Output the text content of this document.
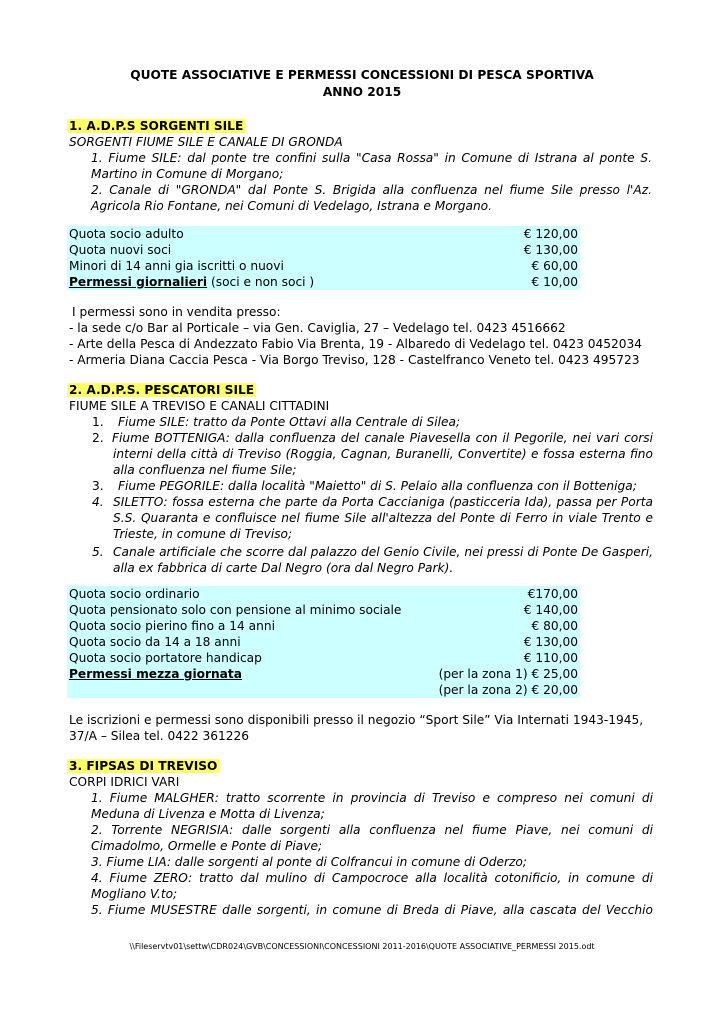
QUOTE ASSOCIATIVE E PERMESSI CONCESSIONI DI PESCA SPORTIVA
ANNO 2015
1. A.D.P.S SORGENTI SILE
SORGENTI FIUME SILE E CANALE DI GRONDA
1. Fiume SILE: dal ponte tre confini sulla "Casa Rossa" in Comune di Istrana al ponte S.
Martino in Comune di Morgano;
2. Canale di "GRONDA" dal Ponte S. Brigida alla confluenza nel fiume Sile presso l'Az.
Agricola Rio Fontane, nei Comuni di Vedelago, Istrana e Morgano.
Quota socio adulto	€ 120,00
Quota nuovi soci	€ 130,00
Minori di 14 anni gia iscritti o nuovi	€ 60,00
Permessi giornalieri (soci e non soci )	€ 10,00
I permessi sono in vendita presso:
- la sede c/o Bar al Porticale – via Gen. Caviglia, 27 – Vedelago tel. 0423 4516662
- Arte della Pesca di Andezzato Fabio Via Brenta, 19 - Albaredo di Vedelago tel. 0423 0452034
- Armeria Diana Caccia Pesca - Via Borgo Treviso, 128 - Castelfranco Veneto tel. 0423 495723
2. A.D.P.S. PESCATORI SILE
FIUME SILE A TREVISO E CANALI CITTADINI
1. Fiume SILE: tratto da Ponte Ottavi alla Centrale di Silea;
2. Fiume BOTTENIGA: dalla confluenza del canale Piavesella con il Pegorile, nei vari corsi
interni della città di Treviso (Roggia, Cagnan, Buranelli, Convertite) e fossa esterna fino
alla confluenza nel fiume Sile;
3. Fiume PEGORILE: dalla località "Maietto" di S. Pelaio alla confluenza con il Botteniga;
4. SILETTO: fossa esterna che parte da Porta Caccianiga (pasticceria Ida), passa per Porta
S.S. Quaranta e confluisce nel fiume Sile all'altezza del Ponte di Ferro in viale Trento e
Trieste, in comune di Treviso;
5. Canale artificiale che scorre dal palazzo del Genio Civile, nei pressi di Ponte De Gasperi,
alla ex fabbrica di carte Dal Negro (ora dal Negro Park).
Quota socio ordinario	€170,00
Quota pensionato solo con pensione al minimo sociale	€ 140,00
Quota socio pierino fino a 14 anni	€ 80,00
Quota socio da 14 a 18 anni	€ 130,00
Quota socio portatore handicap	€ 110,00
Permessi mezza giornata	(per la zona 1) € 25,00
(per la zona 2) € 20,00
Le iscrizioni e permessi sono disponibili presso il negozio “Sport Sile” Via Internati 1943-1945,
37/A – Silea tel. 0422 361226
3. FIPSAS DI TREVISO
CORPI IDRICI VARI
1. Fiume MALGHER: tratto scorrente in provincia di Treviso e compreso nei comuni di
Meduna di Livenza e Motta di Livenza;
2. Torrente NEGRISIA: dalle sorgenti alla confluenza nel fiume Piave, nei comuni di
Cimadolmo, Ormelle e Ponte di Piave;
3. Fiume LIA: dalle sorgenti al ponte di Colfrancui in comune di Oderzo;
4. Fiume ZERO: tratto dal mulino di Campocroce alla località cotonificio, in comune di
Mogliano V.to;
5. Fiume MUSESTRE dalle sorgenti, in comune di Breda di Piave, alla cascata del Vecchio
\\Fileservtv01\settw\CDR024\GVB\CONCESSIONI\CONCESSIONI 2011-2016\QUOTE ASSOCIATIVE_PERMESSI 2015.odt
